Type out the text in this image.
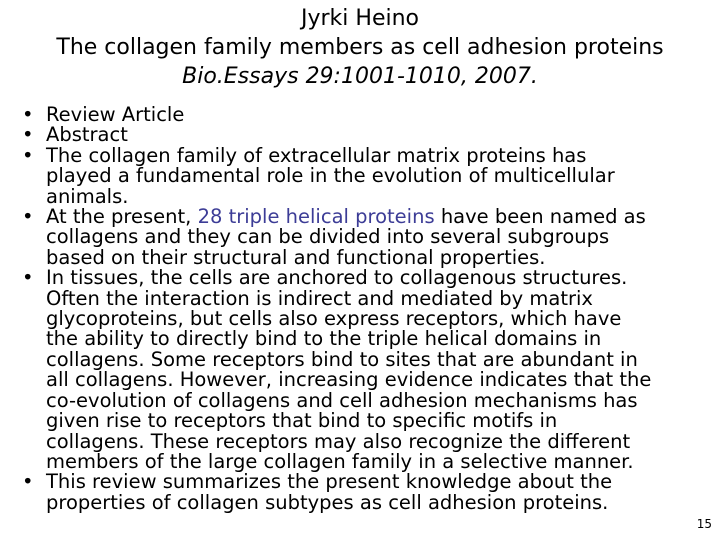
Jyrki Heino
The collagen family members as cell adhesion proteins
Bio.Essays 29:1001-1010, 2007.
• Review Article
• Abstract
• The collagen family of extracellular matrix proteins has
played a fundamental role in the evolution of multicellular
animals.
• At the present, 28 triple helical proteins have been named as
collagens and they can be divided into several subgroups
based on their structural and functional properties.
• In tissues, the cells are anchored to collagenous structures.
Often the interaction is indirect and mediated by matrix
glycoproteins, but cells also express receptors, which have
the ability to directly bind to the triple helical domains in
collagens. Some receptors bind to sites that are abundant in
all collagens. However, increasing evidence indicates that the
co-evolution of collagens and cell adhesion mechanisms has
given rise to receptors that bind to specific motifs in
collagens. These receptors may also recognize the different
members of the large collagen family in a selective manner.
• This review summarizes the present knowledge about the
properties of collagen subtypes as cell adhesion proteins.
15
